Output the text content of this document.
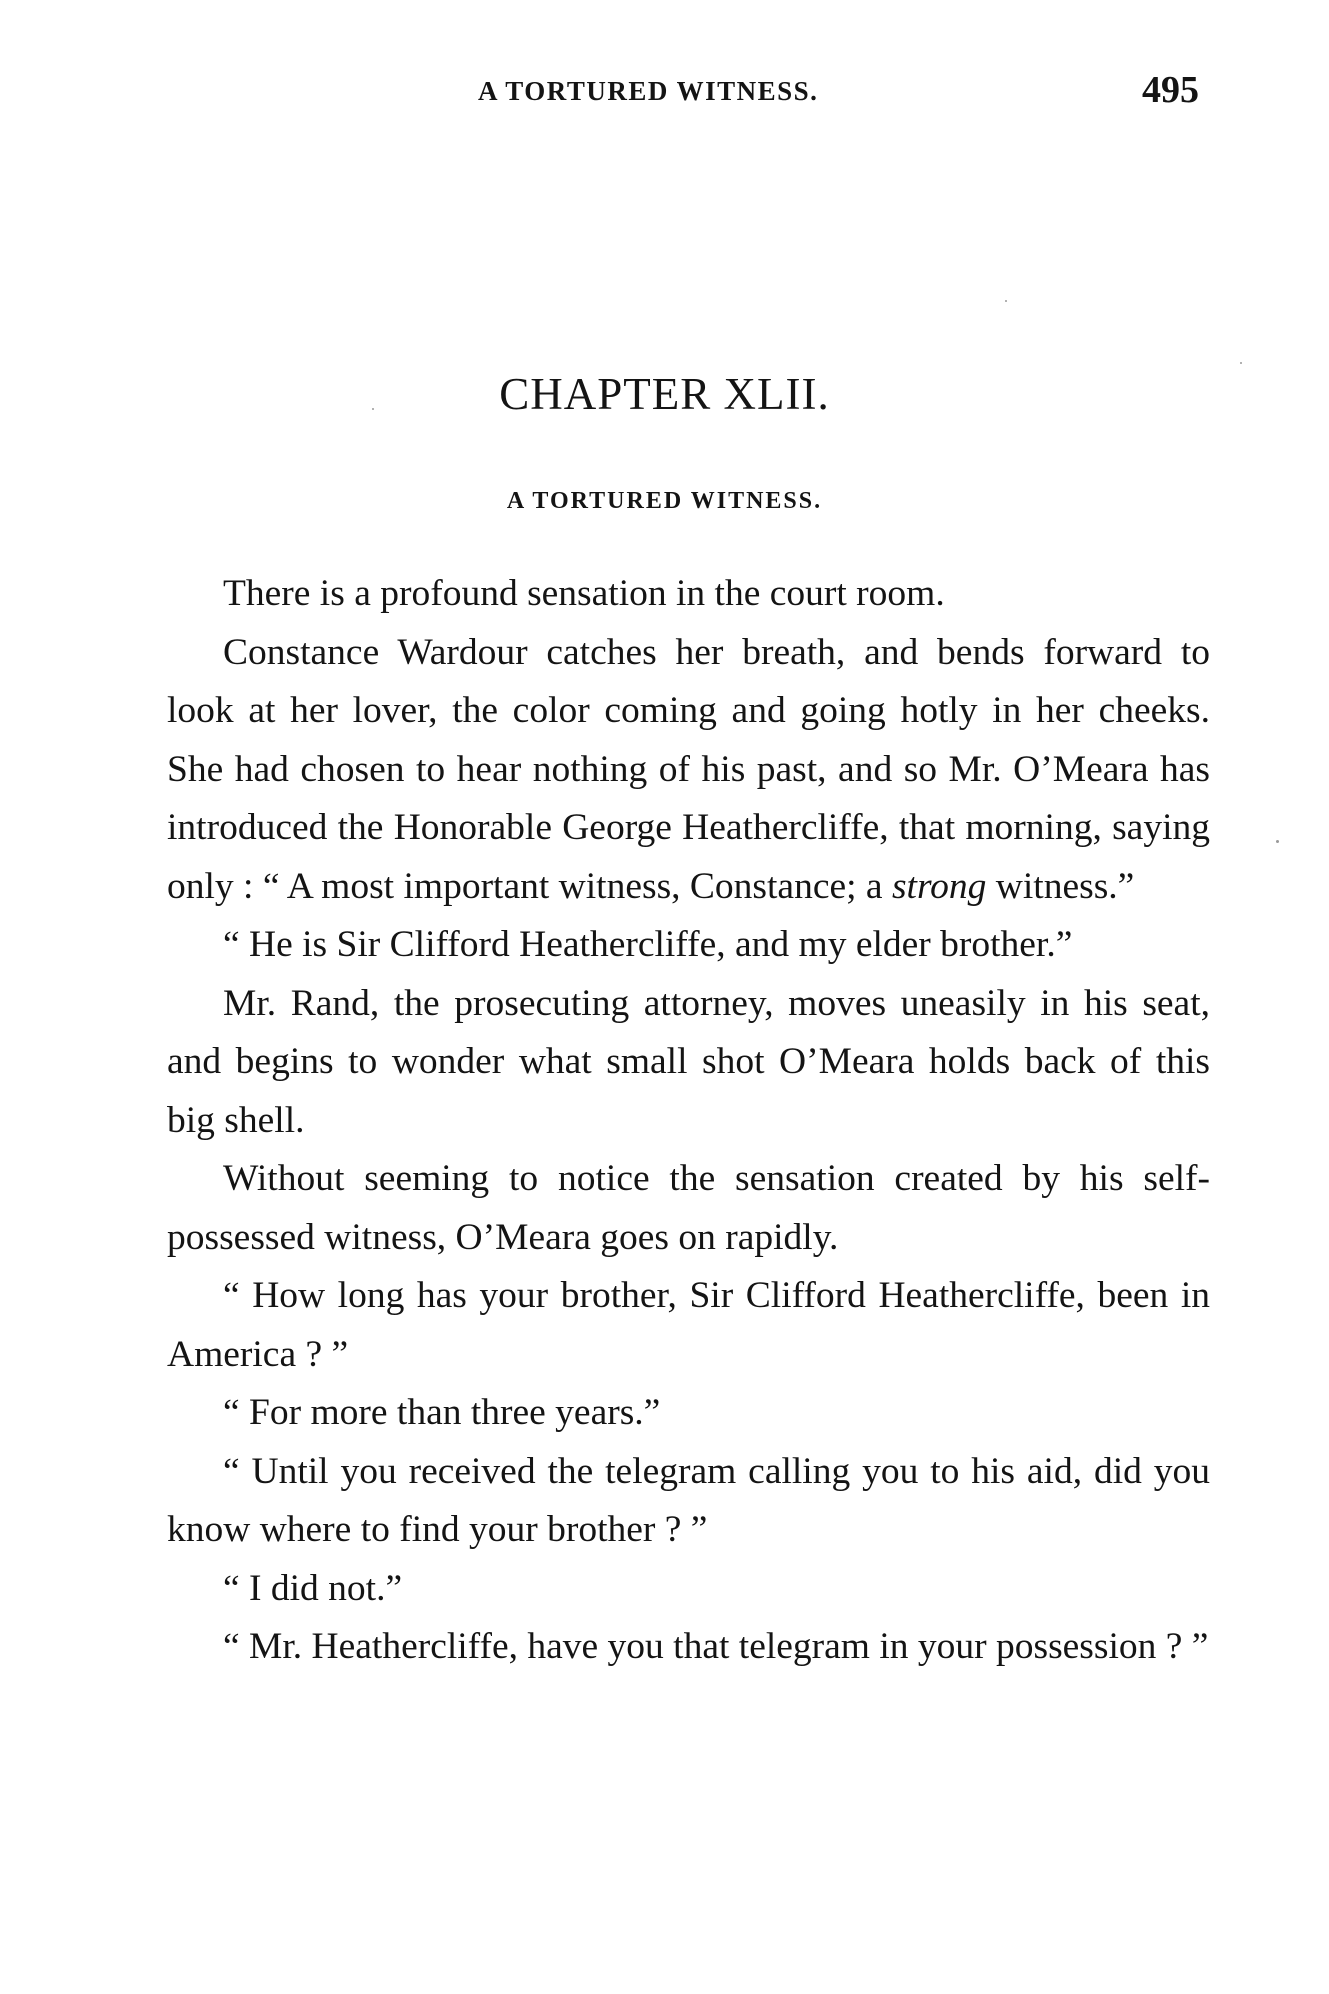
A TORTURED WITNESS.	495
CHAPTER XLII.
A TORTURED WITNESS.

There is a profound sensation in the court room.

Constance Wardour catches her breath, and bends forward to look at her lover, the color coming and going hotly in her cheeks. She had chosen to hear nothing of his past, and so Mr. O’Meara has introduced the Honorable George Heathercliffe, that morning, saying only : “ A most important witness, Constance; a strong witness.”

“ He is Sir Clifford Heathercliffe, and my elder brother.”

Mr. Rand, the prosecuting attorney, moves uneasily in his seat, and begins to wonder what small shot O’Meara holds back of this big shell.

Without seeming to notice the sensation created by his self-possessed witness, O’Meara goes on rapidly.

“ How long has your brother, Sir Clifford Heathercliffe, been in America ? ”

“ For more than three years.”

“ Until you received the telegram calling you to his aid, did you know where to find your brother ? ”

“ I did not.”

“ Mr. Heathercliffe, have you that telegram in your possession ? ”
